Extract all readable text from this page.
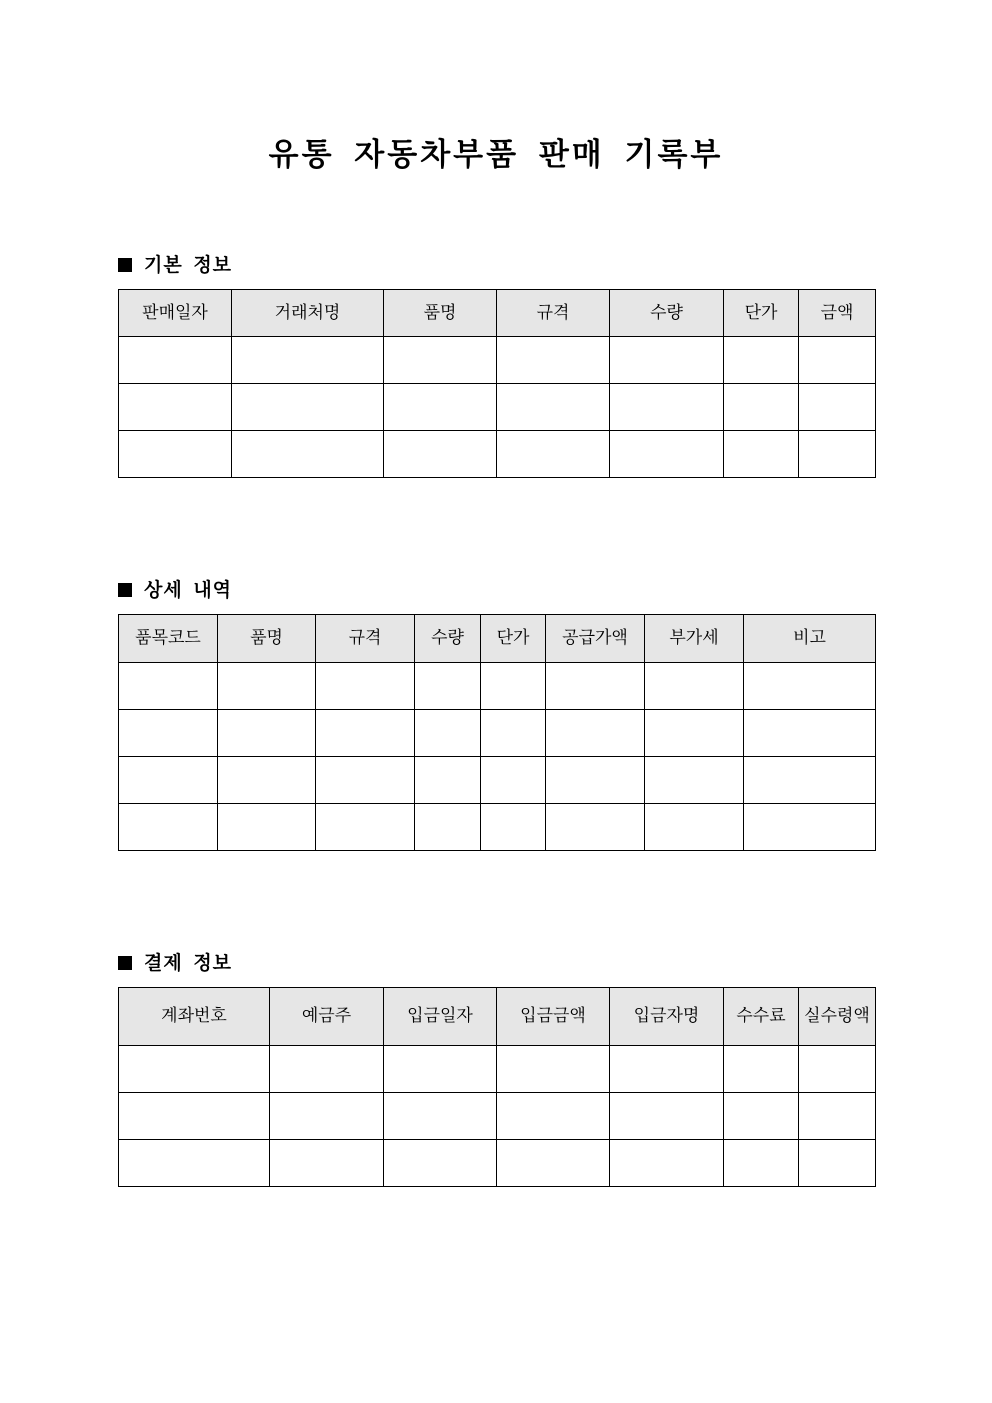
유통 자동차부품 판매 기록부
기본 정보
판매일자	거래처명	품명	규격	수량	단가	금액

상세 내역
품목코드	품명	규격	수량	단가	공급가액	부가세	비고

결제 정보
계좌번호	예금주	입금일자	입금금액	입금자명	수수료	실수령액
